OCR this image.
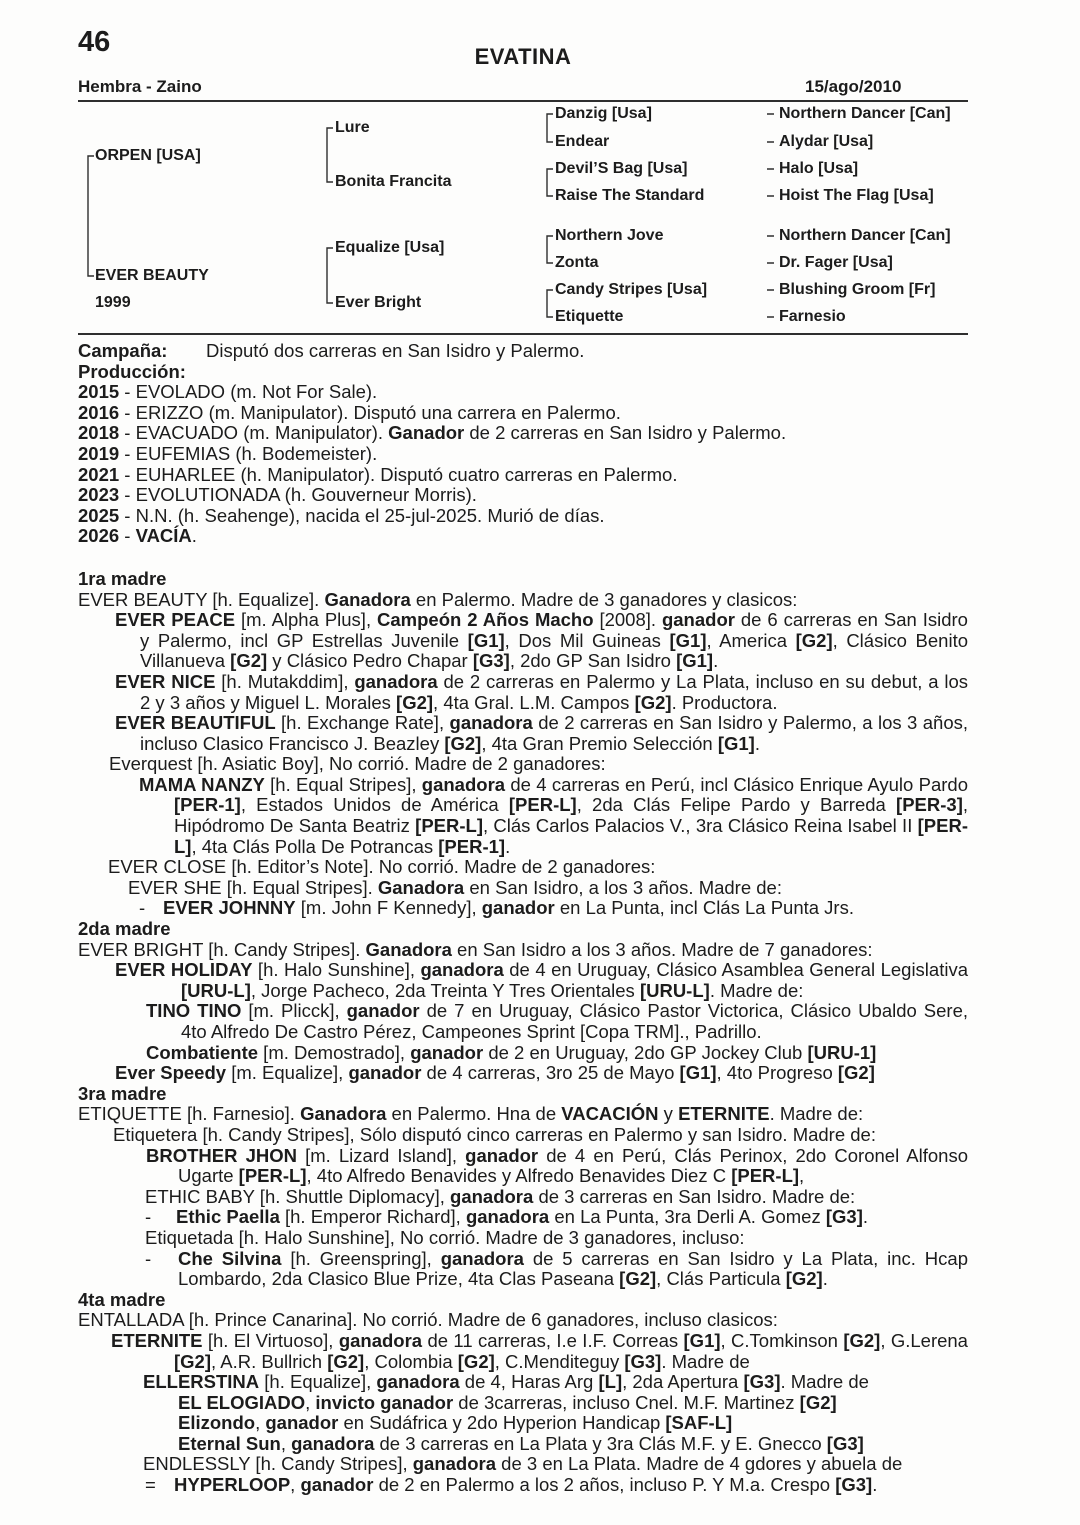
46	EVATINA
Hembra - Zaino	15/ago/2010
ORPEN [USA]
EVER BEAUTY
1999
Lure
Bonita Francita
Equalize [Usa]
Ever Bright
Danzig [Usa]
Endear
Devil’S Bag [Usa]
Raise The Standard
Northern Jove
Zonta
Candy Stripes [Usa]
Etiquette
Northern Dancer [Can]
Alydar [Usa]
Halo [Usa]
Hoist The Flag [Usa]
Northern Dancer [Can]
Dr. Fager [Usa]
Blushing Groom [Fr]
Farnesio
Campaña: Disputó dos carreras en San Isidro y Palermo.
Producción:
2015 - EVOLADO (m. Not For Sale).
2016 - ERIZZO (m. Manipulator). Disputó una carrera en Palermo.
2018 - EVACUADO (m. Manipulator). Ganador de 2 carreras en San Isidro y Palermo.
2019 - EUFEMIAS (h. Bodemeister).
2021 - EUHARLEE (h. Manipulator). Disputó cuatro carreras en Palermo.
2023 - EVOLUTIONADA (h. Gouverneur Morris).
2025 - N.N. (h. Seahenge), nacida el 25-jul-2025. Murió de días.
2026 - VACÍA.
1ra madre
EVER BEAUTY [h. Equalize]. Ganadora en Palermo. Madre de 3 ganadores y clasicos:
EVER PEACE [m. Alpha Plus], Campeón 2 Años Macho [2008]. ganador de 6 carreras en San Isidro y Palermo, incl GP Estrellas Juvenile [G1], Dos Mil Guineas [G1], America [G2], Clásico Benito Villanueva [G2] y Clásico Pedro Chapar [G3], 2do GP San Isidro [G1].
EVER NICE [h. Mutakddim], ganadora de 2 carreras en Palermo y La Plata, incluso en su debut, a los 2 y 3 años y Miguel L. Morales [G2], 4ta Gral. L.M. Campos [G2]. Productora.
EVER BEAUTIFUL [h. Exchange Rate], ganadora de 2 carreras en San Isidro y Palermo, a los 3 años, incluso Clasico Francisco J. Beazley [G2], 4ta Gran Premio Selección [G1].
Everquest [h. Asiatic Boy], No corrió. Madre de 2 ganadores:
MAMA NANZY [h. Equal Stripes], ganadora de 4 carreras en Perú, incl Clásico Enrique Ayulo Pardo [PER-1], Estados Unidos de América [PER-L], 2da Clás Felipe Pardo y Barreda [PER-3], Hipódromo De Santa Beatriz [PER-L], Clás Carlos Palacios V., 3ra Clásico Reina Isabel II [PER-L], 4ta Clás Polla De Potrancas [PER-1].
EVER CLOSE [h. Editor’s Note]. No corrió. Madre de 2 ganadores:
EVER SHE [h. Equal Stripes]. Ganadora en San Isidro, a los 3 años. Madre de:
- EVER JOHNNY [m. John F Kennedy], ganador en La Punta, incl Clás La Punta Jrs.
2da madre
EVER BRIGHT [h. Candy Stripes]. Ganadora en San Isidro a los 3 años. Madre de 7 ganadores:
EVER HOLIDAY [h. Halo Sunshine], ganadora de 4 en Uruguay, Clásico Asamblea General Legislativa [URU-L], Jorge Pacheco, 2da Treinta Y Tres Orientales [URU-L]. Madre de:
TINO TINO [m. Plicck], ganador de 7 en Uruguay, Clásico Pastor Victorica, Clásico Ubaldo Sere, 4to Alfredo De Castro Pérez, Campeones Sprint [Copa TRM]., Padrillo.
Combatiente [m. Demostrado], ganador de 2 en Uruguay, 2do GP Jockey Club [URU-1]
Ever Speedy [m. Equalize], ganador de 4 carreras, 3ro 25 de Mayo [G1], 4to Progreso [G2]
3ra madre
ETIQUETTE [h. Farnesio]. Ganadora en Palermo. Hna de VACACIÓN y ETERNITE. Madre de:
Etiquetera [h. Candy Stripes], Sólo disputó cinco carreras en Palermo y san Isidro. Madre de:
BROTHER JHON [m. Lizard Island], ganador de 4 en Perú, Clás Perinox, 2do Coronel Alfonso Ugarte [PER-L], 4to Alfredo Benavides y Alfredo Benavides Diez C [PER-L],
ETHIC BABY [h. Shuttle Diplomacy], ganadora de 3 carreras en San Isidro. Madre de:
- Ethic Paella [h. Emperor Richard], ganadora en La Punta, 3ra Derli A. Gomez [G3].
Etiquetada [h. Halo Sunshine], No corrió. Madre de 3 ganadores, incluso:
- Che Silvina [h. Greenspring], ganadora de 5 carreras en San Isidro y La Plata, inc. Hcap Lombardo, 2da Clasico Blue Prize, 4ta Clas Paseana [G2], Clás Particula [G2].
4ta madre
ENTALLADA [h. Prince Canarina]. No corrió. Madre de 6 ganadores, incluso clasicos:
ETERNITE [h. El Virtuoso], ganadora de 11 carreras, I.e I.F. Correas [G1], C.Tomkinson [G2], G.Lerena [G2], A.R. Bullrich [G2], Colombia [G2], C.Menditeguy [G3]. Madre de
ELLERSTINA [h. Equalize], ganadora de 4, Haras Arg [L], 2da Apertura [G3]. Madre de
EL ELOGIADO, invicto ganador de 3carreras, incluso Cnel. M.F. Martinez [G2]
Elizondo, ganador en Sudáfrica y 2do Hyperion Handicap [SAF-L]
Eternal Sun, ganadora de 3 carreras en La Plata y 3ra Clás M.F. y E. Gnecco [G3]
ENDLESSLY [h. Candy Stripes], ganadora de 3 en La Plata. Madre de 4 gdores y abuela de
= HYPERLOOP, ganador de 2 en Palermo a los 2 años, incluso P. Y M.a. Crespo [G3].
